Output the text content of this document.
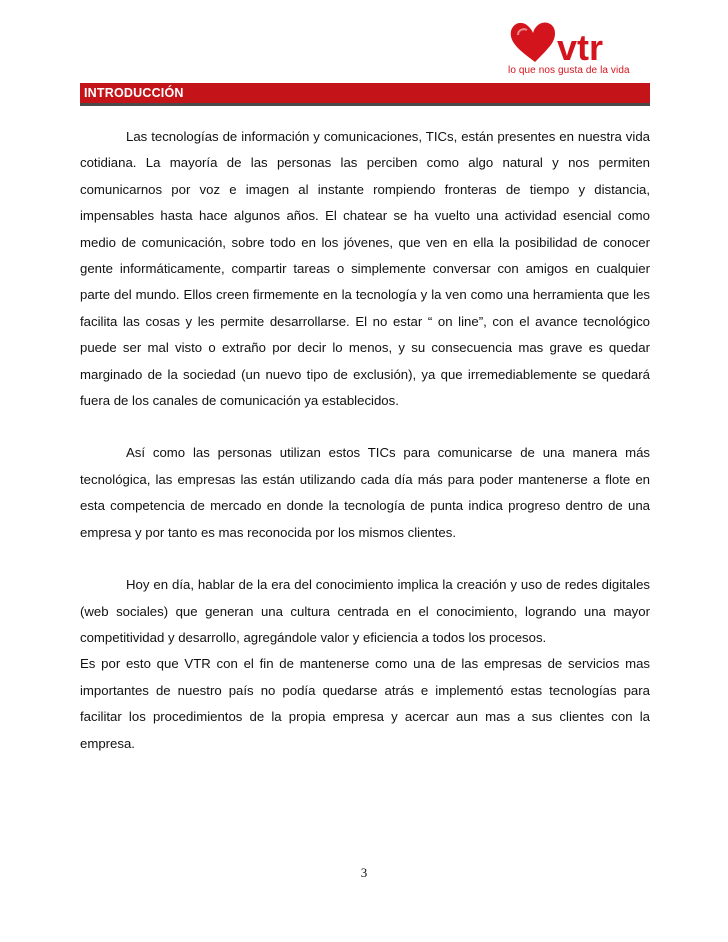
vtr
lo que nos gusta de la vida
INTRODUCCIÓN

Las tecnologías de información y comunicaciones, TICs, están presentes en nuestra vida cotidiana. La mayoría de las personas las perciben como algo natural y nos permiten comunicarnos por voz e imagen al instante rompiendo fronteras de tiempo y distancia, impensables hasta hace algunos años. El chatear se ha vuelto una actividad esencial como medio de comunicación, sobre todo en los jóvenes, que ven en ella la posibilidad de conocer gente informáticamente, compartir tareas o simplemente conversar con amigos en cualquier parte del mundo. Ellos creen firmemente en la tecnología y la ven como una herramienta que les facilita las cosas y les permite desarrollarse. El no estar “ on line”, con el avance tecnológico puede ser mal visto o extraño por decir lo menos, y su consecuencia mas grave es quedar marginado de la sociedad (un nuevo tipo de exclusión), ya que irremediablemente se quedará fuera de los canales de comunicación ya establecidos.

Así como las personas utilizan estos TICs para comunicarse de una manera más tecnológica, las empresas las están utilizando cada día más para poder mantenerse a flote en esta competencia de mercado en donde la tecnología de punta indica progreso dentro de una empresa y por tanto es mas reconocida por los mismos clientes.

Hoy en día, hablar de la era del conocimiento implica la creación y uso de redes digitales (web sociales) que generan una cultura centrada en el conocimiento, logrando una mayor competitividad y desarrollo, agregándole valor y eficiencia a todos los procesos.

Es por esto que VTR con el fin de mantenerse como una de las empresas de servicios mas importantes de nuestro país no podía quedarse atrás e implementó estas tecnologías para facilitar los procedimientos de la propia empresa y acercar aun mas a sus clientes con la empresa.

3
